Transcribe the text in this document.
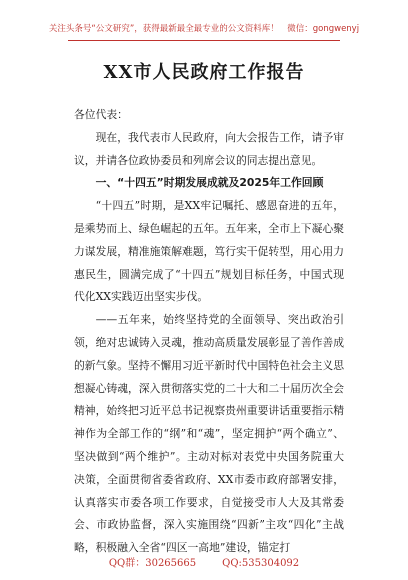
关注头条号“公文研究”，获得最新最全最专业的公文资料库！　微信：gongwenyj
XX市人民政府工作报告

各位代表：

现在，我代表市人民政府，向大会报告工作，请予审议，并请各位政协委员和列席会议的同志提出意见。

一、“十四五”时期发展成就及2025年工作回顾

“十四五”时期，是XX牢记嘱托、感恩奋进的五年，是乘势而上、绿色崛起的五年。五年来，全市上下凝心聚力谋发展，精准施策解难题，笃行实干促转型，用心用力惠民生，圆满完成了“十四五”规划目标任务，中国式现代化XX实践迈出坚实步伐。

——五年来，始终坚持党的全面领导、突出政治引领，绝对忠诚铸入灵魂，推动高质量发展彰显了善作善成的新气象。坚持不懈用习近平新时代中国特色社会主义思想凝心铸魂，深入贯彻落实党的二十大和二十届历次全会精神，始终把习近平总书记视察贵州重要讲话重要指示精神作为全部工作的“纲”和“魂”，坚定拥护“两个确立”、坚决做到“两个维护”。主动对标对表党中央国务院重大决策，全面贯彻省委省政府、XX市委市政府部署安排，认真落实市委各项工作要求，自觉接受市人大及其常委会、市政协监督，深入实施围绕“四新”主攻“四化”主战略，积极融入全省“四区一高地”建设，锚定打

QQ群：30265665	QQ:535304092
